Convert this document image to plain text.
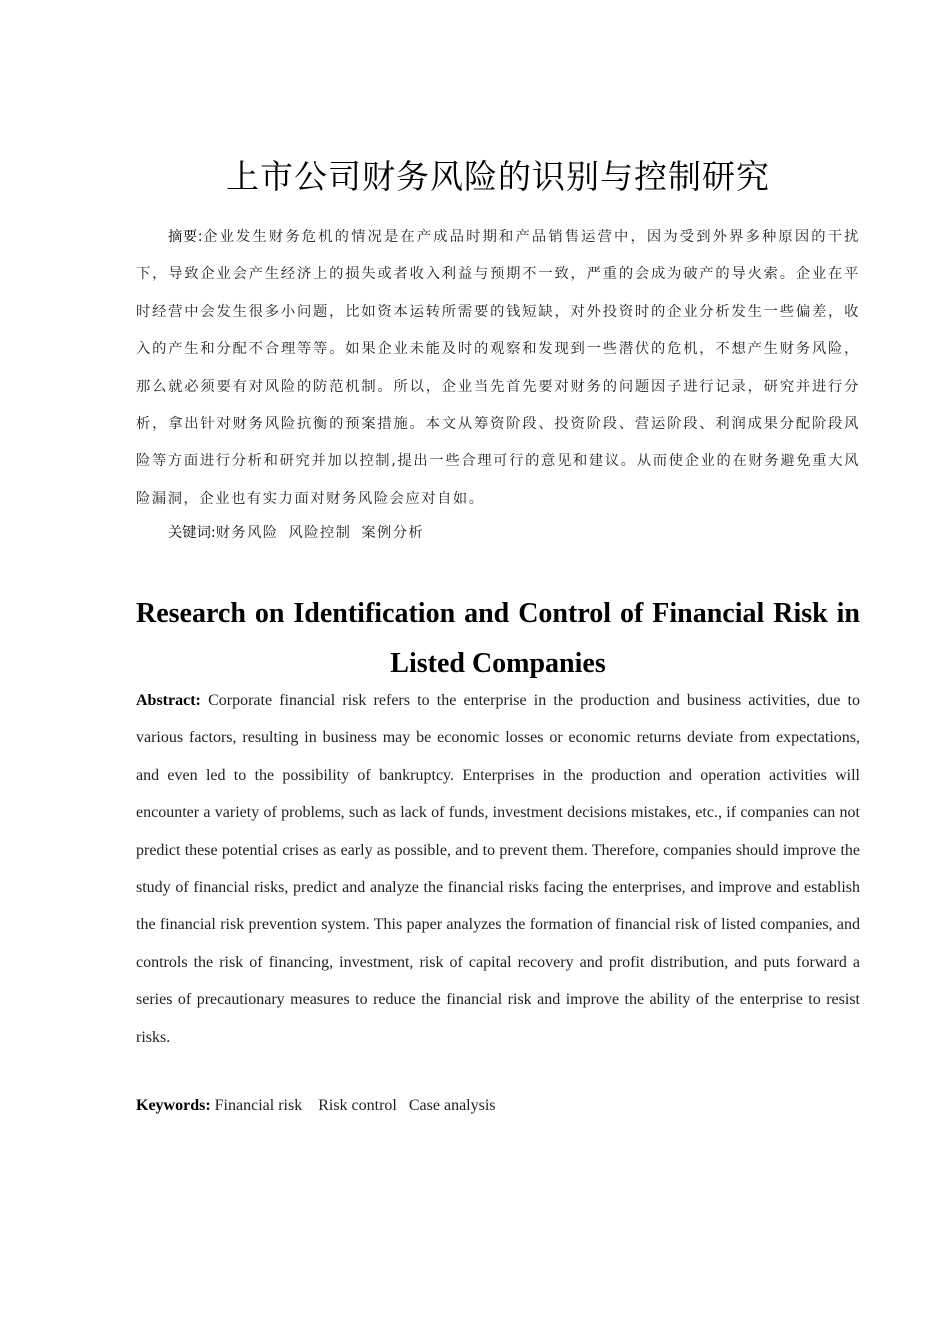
上市公司财务风险的识别与控制研究

摘要:企业发生财务危机的情况是在产成品时期和产品销售运营中，因为受到外界多种原因的干扰下，导致企业会产生经济上的损失或者收入利益与预期不一致，严重的会成为破产的导火索。企业在平时经营中会发生很多小问题，比如资本运转所需要的钱短缺，对外投资时的企业分析发生一些偏差，收入的产生和分配不合理等等。如果企业未能及时的观察和发现到一些潜伏的危机，不想产生财务风险，那么就必须要有对风险的防范机制。所以，企业当先首先要对财务的问题因子进行记录，研究并进行分析，拿出针对财务风险抗衡的预案措施。本文从筹资阶段、投资阶段、营运阶段、利润成果分配阶段风险等方面进行分析和研究并加以控制,提出一些合理可行的意见和建议。从而使企业的在财务避免重大风险漏洞，企业也有实力面对财务风险会应对自如。

关键词:财务风险 风险控制 案例分析

Research on Identification and Control of Financial Risk in Listed Companies

Abstract: Corporate financial risk refers to the enterprise in the production and business activities, due to various factors, resulting in business may be economic losses or economic returns deviate from expectations, and even led to the possibility of bankruptcy. Enterprises in the production and operation activities will encounter a variety of problems, such as lack of funds, investment decisions mistakes, etc., if companies can not predict these potential crises as early as possible, and to prevent them. Therefore, companies should improve the study of financial risks, predict and analyze the financial risks facing the enterprises, and improve and establish the financial risk prevention system. This paper analyzes the formation of financial risk of listed companies, and controls the risk of financing, investment, risk of capital recovery and profit distribution, and puts forward a series of precautionary measures to reduce the financial risk and improve the ability of the enterprise to resist risks.

Keywords: Financial risk Risk control Case analysis
